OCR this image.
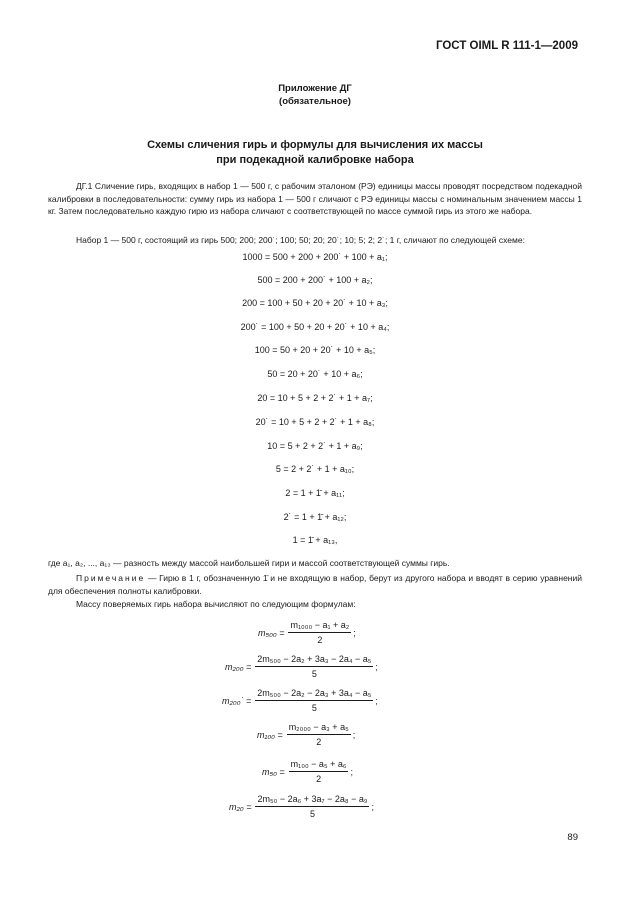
ГОСТ OIML R 111-1—2009
Приложение ДГ
(обязательное)
Схемы сличения гирь и формулы для вычисления их массы
при подекадной калибровке набора
ДГ.1 Сличение гирь, входящих в набор 1 — 500 г, с рабочим эталоном (РЭ) единицы массы проводят посредством подекадной калибровки в последовательности: сумму гирь из набора 1 — 500 г сличают с РЭ единицы массы с номинальным значением массы 1 кг. Затем последовательно каждую гирю из набора сличают с соответствующей по массе суммой гирь из этого же набора.
Набор 1 — 500 г, состоящий из гирь 500; 200; 200˙; 100; 50; 20; 20˙; 10; 5; 2; 2˙; 1 г, сличают по следующей схеме:
1000 = 500 + 200 + 200˙ + 100 + a₁;
500 = 200 + 200˙ + 100 + a₂;
200 = 100 + 50 + 20 + 20˙ + 10 + a₃;
200˙ = 100 + 50 + 20 + 20˙ + 10 + a₄;
100 = 50 + 20 + 20˙ + 10 + a₅;
50 = 20 + 20˙ + 10 + a₆;
20 = 10 + 5 + 2 + 2˙ + 1 + a₇;
20˙ = 10 + 5 + 2 + 2˙ + 1 + a₈;
10 = 5 + 2 + 2˙ + 1 + a₉;
5 = 2 + 2˙ + 1 + a₁₀;
2 = 1 + 1̄ + a₁₁;
2˙ = 1 + 1̄ + a₁₂;
1 = 1̄ + a₁₃,
где a₁, a₂, ..., a₁₃ — разность между массой наибольшей гири и массой соответствующей суммы гирь.
Примечание — Гирю в 1 г, обозначенную 1̄ и не входящую в набор, берут из другого набора и вводят в серию уравнений для обеспечения полноты калибровки.
Массу поверяемых гирь набора вычисляют по следующим формулам:
$m_{500} = \frac{\text{m₁₀₀₀ − a₁ + a₂}}{2}$ ;
$m_{200} = \frac{\text{2m₅₀₀ − 2a₂ + 3a₃ − 2a₄ − a₅}}{5}$ ;
m₂₀₀˙ = $\frac{\text{2m₅₀₀ − 2a₂ − 2a₃ + 3a₄ − a₅}}{5}$ ;
$m_{100} = \frac{\text{m₂₀₀₀ − a₃ + a₅}}{2}$ ;
$m_{50} = \frac{\text{m₁₀₀ − a₅ + a₆}}{2}$ ;
$m_{20} = \frac{\text{2m₅₀ − 2a₆ + 3a₇ − 2a₈ − a₉}}{5}$ ;
89
